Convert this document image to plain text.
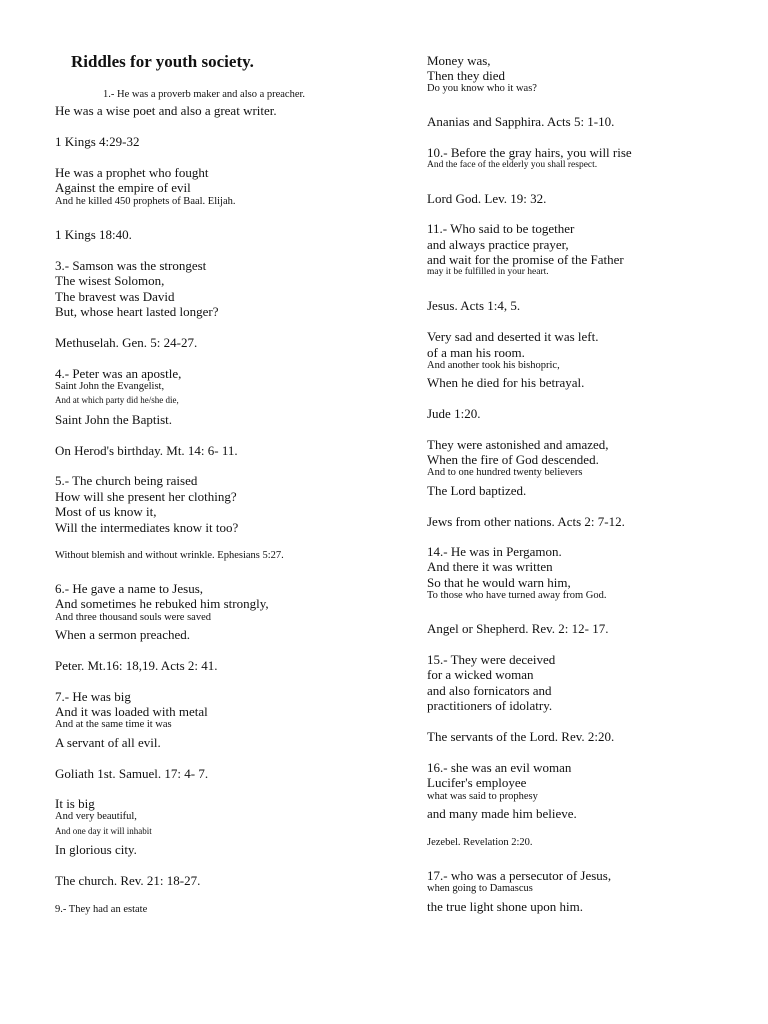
Riddles for youth society.
1.- He was a proverb maker and also a preacher.
He was a wise poet and also a great writer.
1 Kings 4:29-32
He was a prophet who fought
Against the empire of evil
And he killed 450 prophets of Baal. Elijah.
1 Kings 18:40.
3.- Samson was the strongest
The wisest Solomon,
The bravest was David
But, whose heart lasted longer?
Methuselah. Gen. 5: 24-27.
4.- Peter was an apostle,
Saint John the Evangelist,
And at which party did he/she die,
Saint John the Baptist.
On Herod's birthday. Mt. 14: 6- 11.
5.- The church being raised
How will she present her clothing?
Most of us know it,
Will the intermediates know it too?
Without blemish and without wrinkle. Ephesians 5:27.
6.- He gave a name to Jesus,
And sometimes he rebuked him strongly,
And three thousand souls were saved
When a sermon preached.
Peter. Mt.16: 18,19. Acts 2: 41.
7.- He was big
And it was loaded with metal
And at the same time it was
A servant of all evil.
Goliath 1st. Samuel. 17: 4- 7.
It is big
And very beautiful,
And one day it will inhabit
In glorious city.
The church. Rev. 21: 18-27.
9.- They had an estate
Money was,
Then they died
Do you know who it was?
Ananias and Sapphira. Acts 5: 1-10.
10.- Before the gray hairs, you will rise
And the face of the elderly you shall respect.
Lord God. Lev. 19: 32.
11.- Who said to be together
and always practice prayer,
and wait for the promise of the Father
may it be fulfilled in your heart.
Jesus. Acts 1:4, 5.
Very sad and deserted it was left.
of a man his room.
And another took his bishopric,
When he died for his betrayal.
Jude 1:20.
They were astonished and amazed,
When the fire of God descended.
And to one hundred twenty believers
The Lord baptized.
Jews from other nations. Acts 2: 7-12.
14.- He was in Pergamon.
And there it was written
So that he would warn him,
To those who have turned away from God.
Angel or Shepherd. Rev. 2: 12- 17.
15.- They were deceived
for a wicked woman
and also fornicators and
practitioners of idolatry.
The servants of the Lord. Rev. 2:20.
16.- she was an evil woman
Lucifer's employee
what was said to prophesy
and many made him believe.
Jezebel. Revelation 2:20.
17.- who was a persecutor of Jesus,
when going to Damascus
the true light shone upon him.
